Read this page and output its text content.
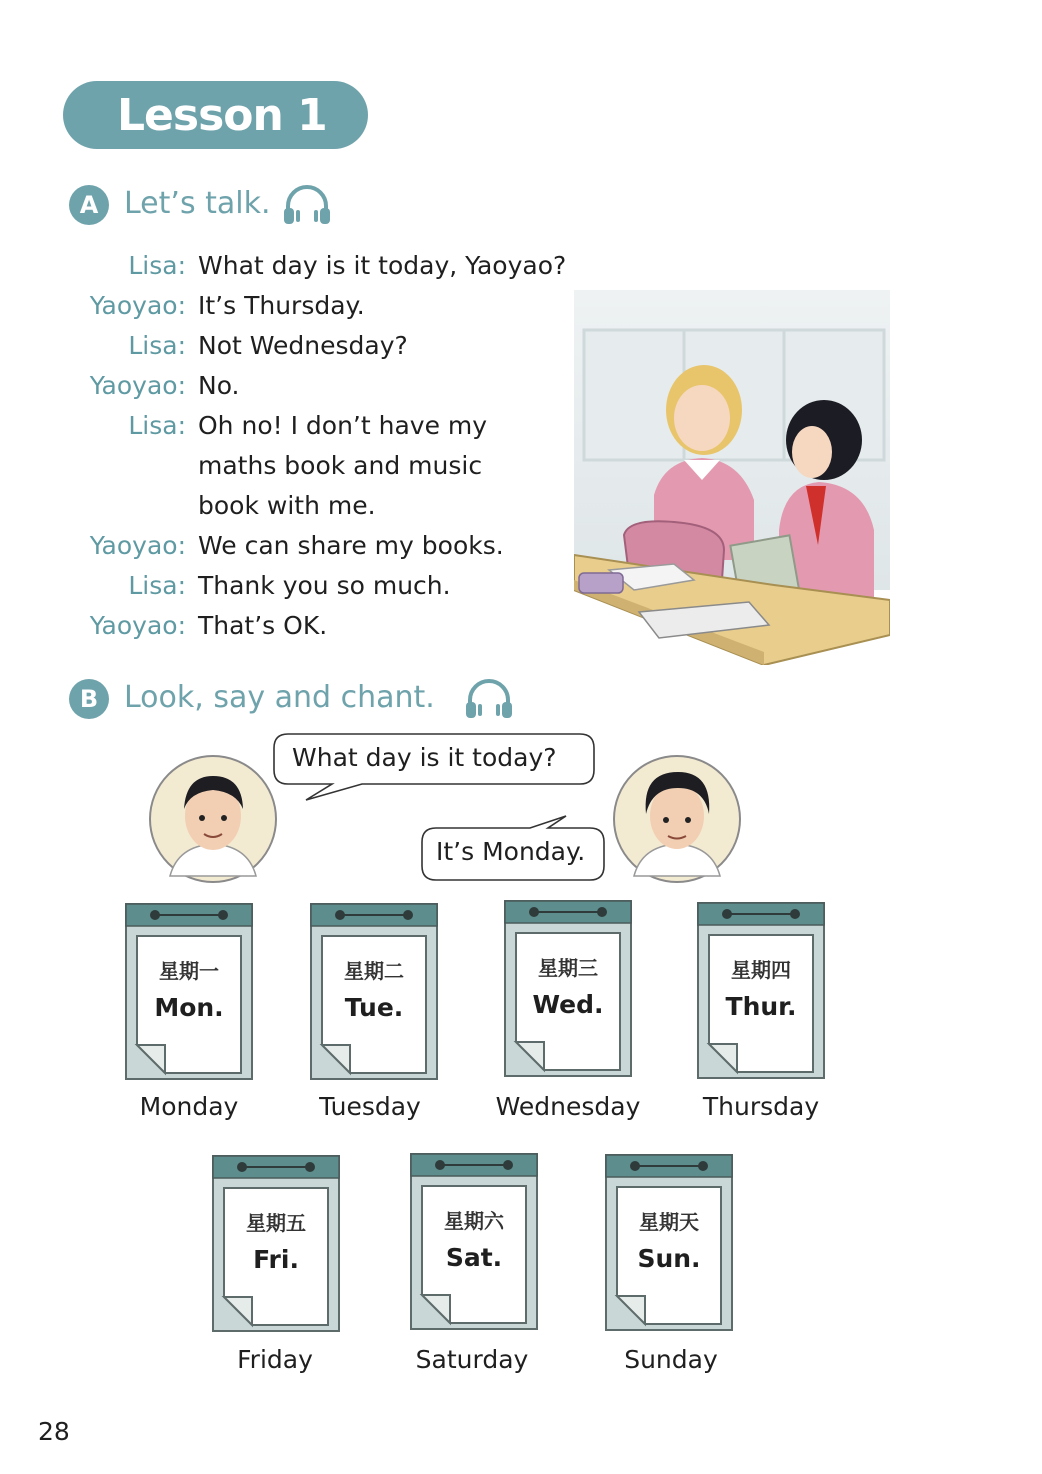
Lesson 1
A Let’s talk.
Lisa: What day is it today, Yaoyao?
Yaoyao: It’s Thursday.
Lisa: Not Wednesday?
Yaoyao: No.
Lisa: Oh no! I don’t have my
maths book and music
book with me.
Yaoyao: We can share my books.
Lisa: Thank you so much.
Yaoyao: That’s OK.
B Look, say and chant.
What day is it today?
It’s Monday.
星期一
Mon.
Monday
星期二
Tue.
Tuesday
星期三
Wed.
Wednesday
星期四
Thur.
Thursday
星期五
Fri.
Friday
星期六
Sat.
Saturday
星期天
Sun.
Sunday
28
